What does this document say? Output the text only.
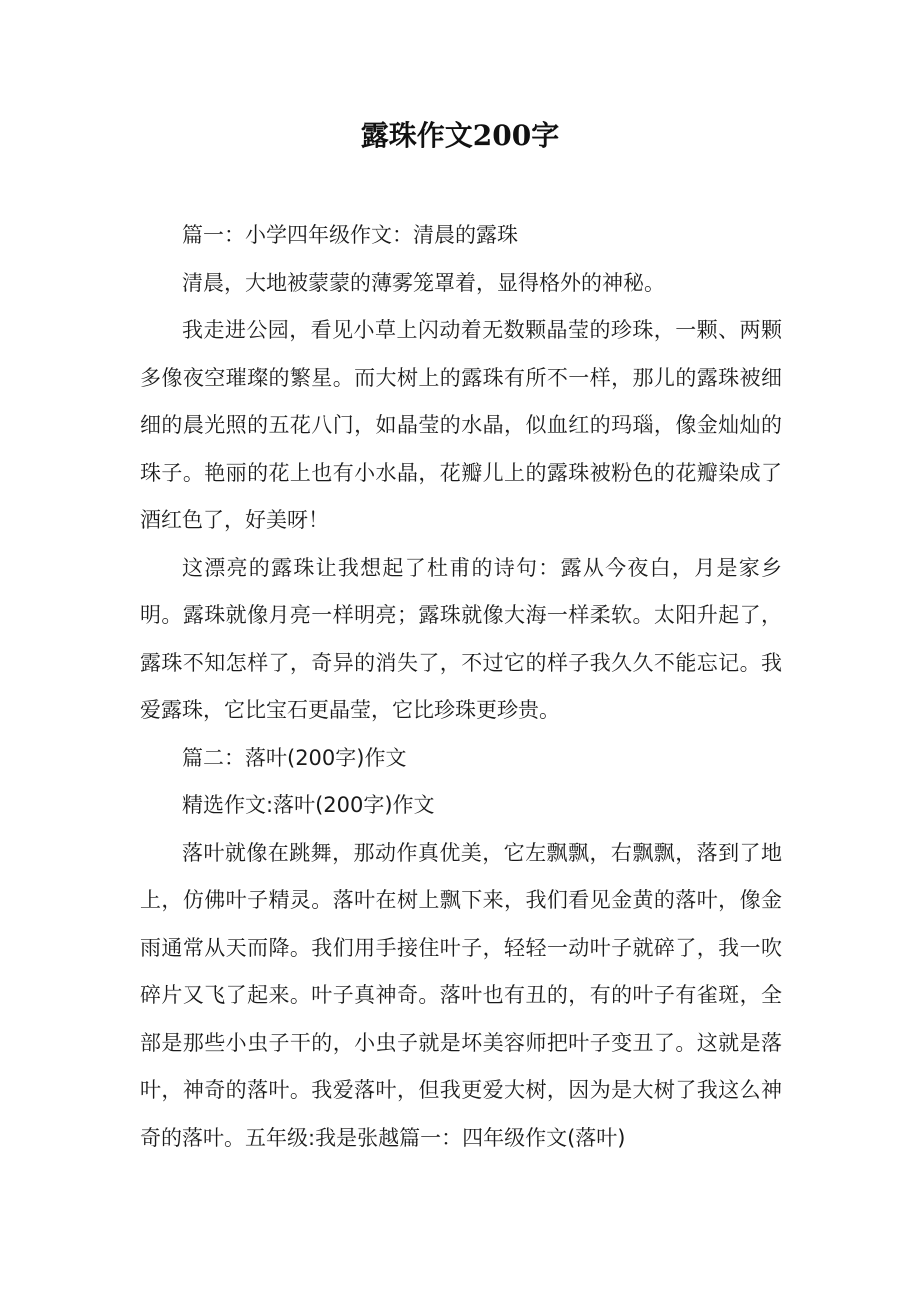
露珠作文200字

篇一：小学四年级作文：清晨的露珠

清晨，大地被蒙蒙的薄雾笼罩着，显得格外的神秘。

我走进公园，看见小草上闪动着无数颗晶莹的珍珠，一颗、两颗多像夜空璀璨的繁星。而大树上的露珠有所不一样，那儿的露珠被细细的晨光照的五花八门，如晶莹的水晶，似血红的玛瑙，像金灿灿的珠子。艳丽的花上也有小水晶，花瓣儿上的露珠被粉色的花瓣染成了酒红色了，好美呀！

这漂亮的露珠让我想起了杜甫的诗句：露从今夜白，月是家乡明。露珠就像月亮一样明亮；露珠就像大海一样柔软。太阳升起了，露珠不知怎样了，奇异的消失了，不过它的样子我久久不能忘记。我爱露珠，它比宝石更晶莹，它比珍珠更珍贵。

篇二：落叶(200字)作文

精选作文:落叶(200字)作文

落叶就像在跳舞，那动作真优美，它左飘飘，右飘飘，落到了地上，仿佛叶子精灵。落叶在树上飘下来，我们看见金黄的落叶，像金雨通常从天而降。我们用手接住叶子，轻轻一动叶子就碎了，我一吹碎片又飞了起来。叶子真神奇。落叶也有丑的，有的叶子有雀斑，全部是那些小虫子干的，小虫子就是坏美容师把叶子变丑了。这就是落叶，神奇的落叶。我爱落叶，但我更爱大树，因为是大树了我这么神奇的落叶。五年级:我是张越篇一：四年级作文(落叶)
